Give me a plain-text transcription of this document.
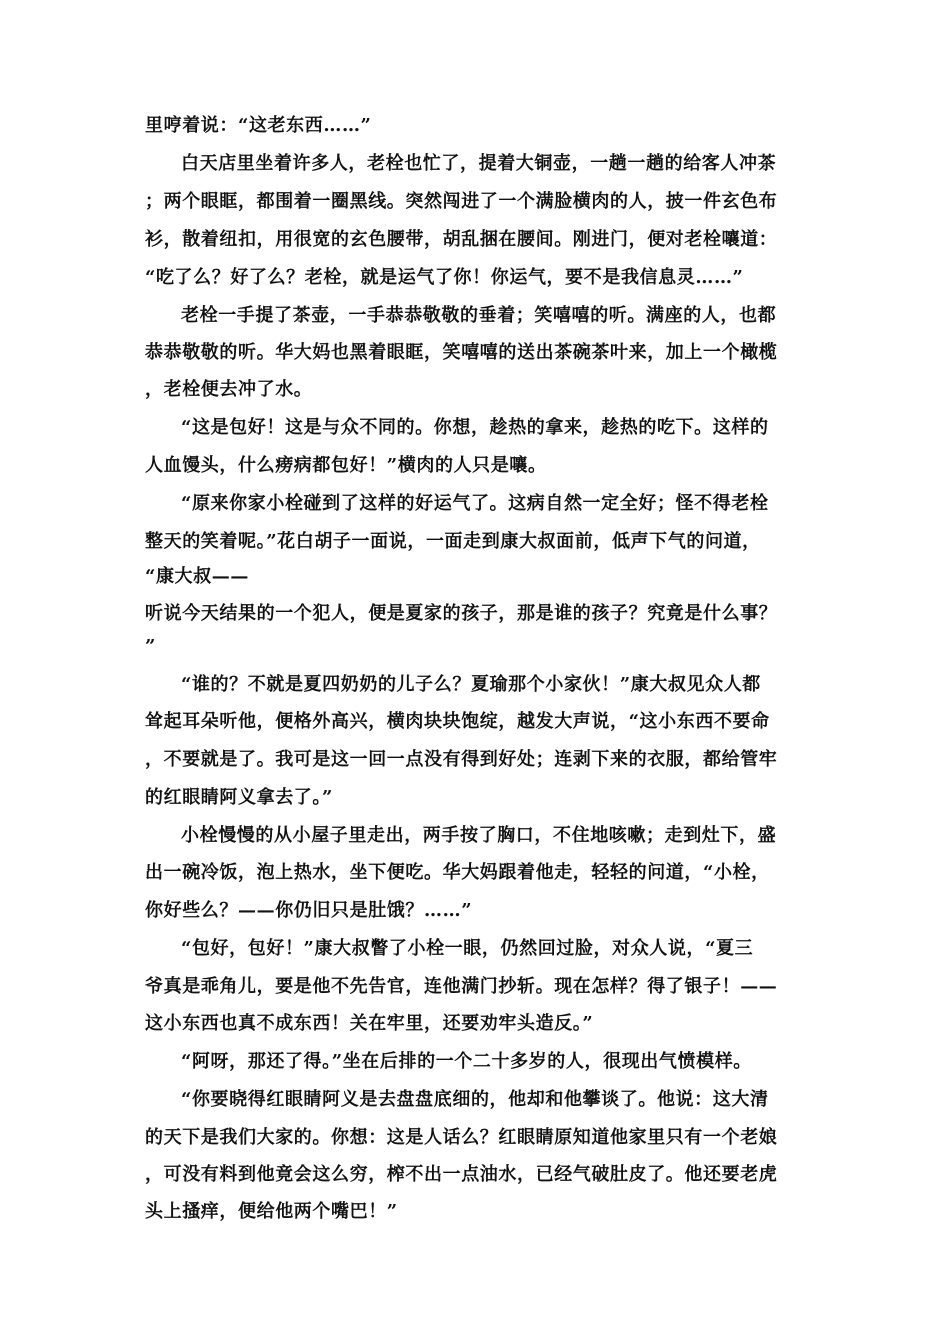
里哼着说：“这老东西……”
白天店里坐着许多人，老栓也忙了，提着大铜壶，一趟一趟的给客人冲茶
；两个眼眶，都围着一圈黑线。突然闯进了一个满脸横肉的人，披一件玄色布
衫，散着纽扣，用很宽的玄色腰带，胡乱捆在腰间。刚进门，便对老栓嚷道：
“吃了么？好了么？老栓，就是运气了你！你运气，要不是我信息灵……”
老栓一手提了茶壶，一手恭恭敬敬的垂着；笑嘻嘻的听。满座的人，也都
恭恭敬敬的听。华大妈也黑着眼眶，笑嘻嘻的送出茶碗茶叶来，加上一个橄榄
，老栓便去冲了水。
“这是包好！这是与众不同的。你想，趁热的拿来，趁热的吃下。这样的
人血馒头，什么痨病都包好！”横肉的人只是嚷。
“原来你家小栓碰到了这样的好运气了。这病自然一定全好；怪不得老栓
整天的笑着呢。”花白胡子一面说，一面走到康大叔面前，低声下气的问道，
“康大叔——
听说今天结果的一个犯人，便是夏家的孩子，那是谁的孩子？究竟是什么事？
”
“谁的？不就是夏四奶奶的儿子么？夏瑜那个小家伙！”康大叔见众人都
耸起耳朵听他，便格外高兴，横肉块块饱绽，越发大声说，“这小东西不要命
，不要就是了。我可是这一回一点没有得到好处；连剥下来的衣服，都给管牢
的红眼睛阿义拿去了。”
小栓慢慢的从小屋子里走出，两手按了胸口，不住地咳嗽；走到灶下，盛
出一碗冷饭，泡上热水，坐下便吃。华大妈跟着他走，轻轻的问道，“小栓，
你好些么？——你仍旧只是肚饿？……”
“包好，包好！”康大叔瞥了小栓一眼，仍然回过脸，对众人说，“夏三
爷真是乖角儿，要是他不先告官，连他满门抄斩。现在怎样？得了银子！——
这小东西也真不成东西！关在牢里，还要劝牢头造反。”
“阿呀，那还了得。”坐在后排的一个二十多岁的人，很现出气愤模样。
“你要晓得红眼睛阿义是去盘盘底细的，他却和他攀谈了。他说：这大清
的天下是我们大家的。你想：这是人话么？红眼睛原知道他家里只有一个老娘
，可没有料到他竟会这么穷，榨不出一点油水，已经气破肚皮了。他还要老虎
头上搔痒，便给他两个嘴巴！”
